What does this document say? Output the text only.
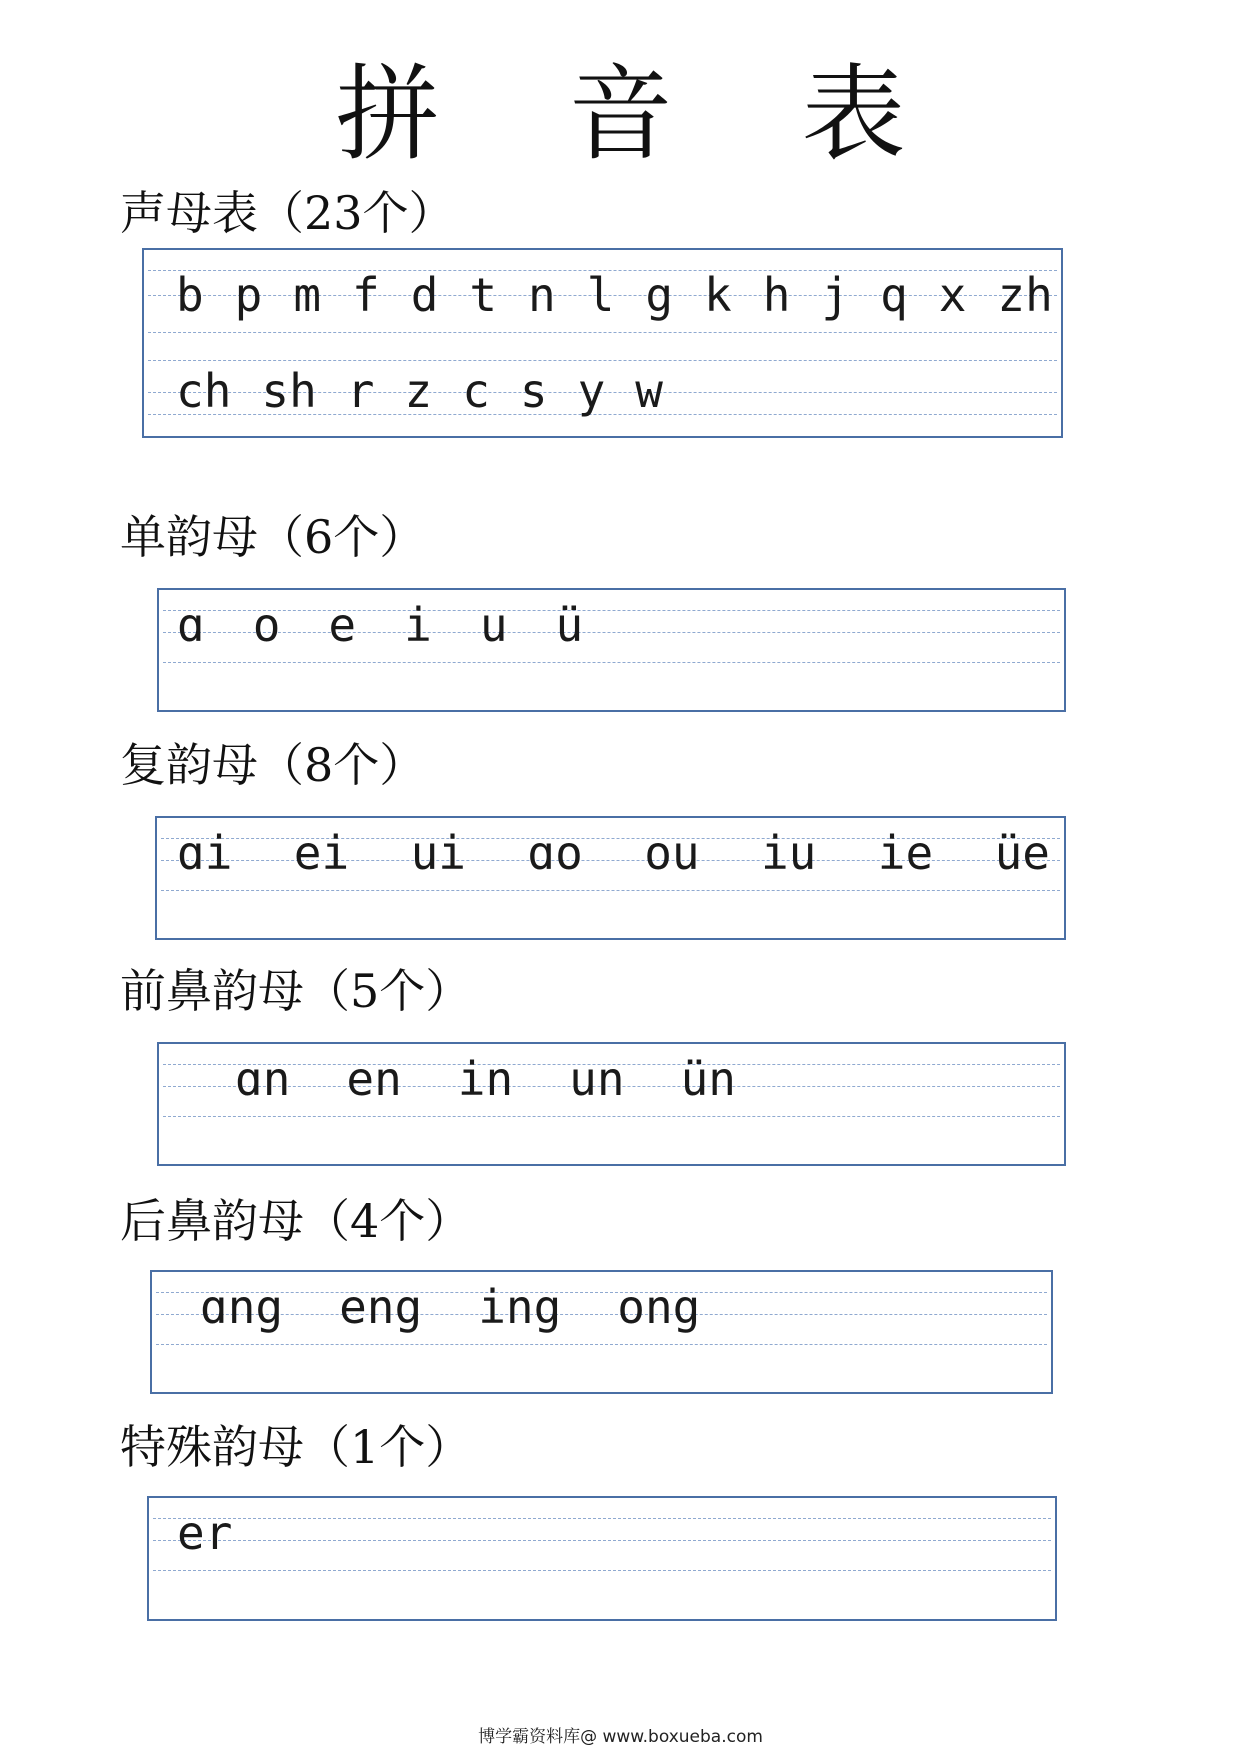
拼 音 表
声母表（23个）
b p m f d t n l g k h j q x zh
ch sh r z c s y w
单韵母（6个）
ɑ o e i u ü
复韵母（8个）
ɑi ei ui ɑo ou iu ie üe
前鼻韵母（5个）
ɑn en in un ün
后鼻韵母（4个）
ɑng eng ing ong
特殊韵母（1个）
er
博学霸资料库@ www.boxueba.com
